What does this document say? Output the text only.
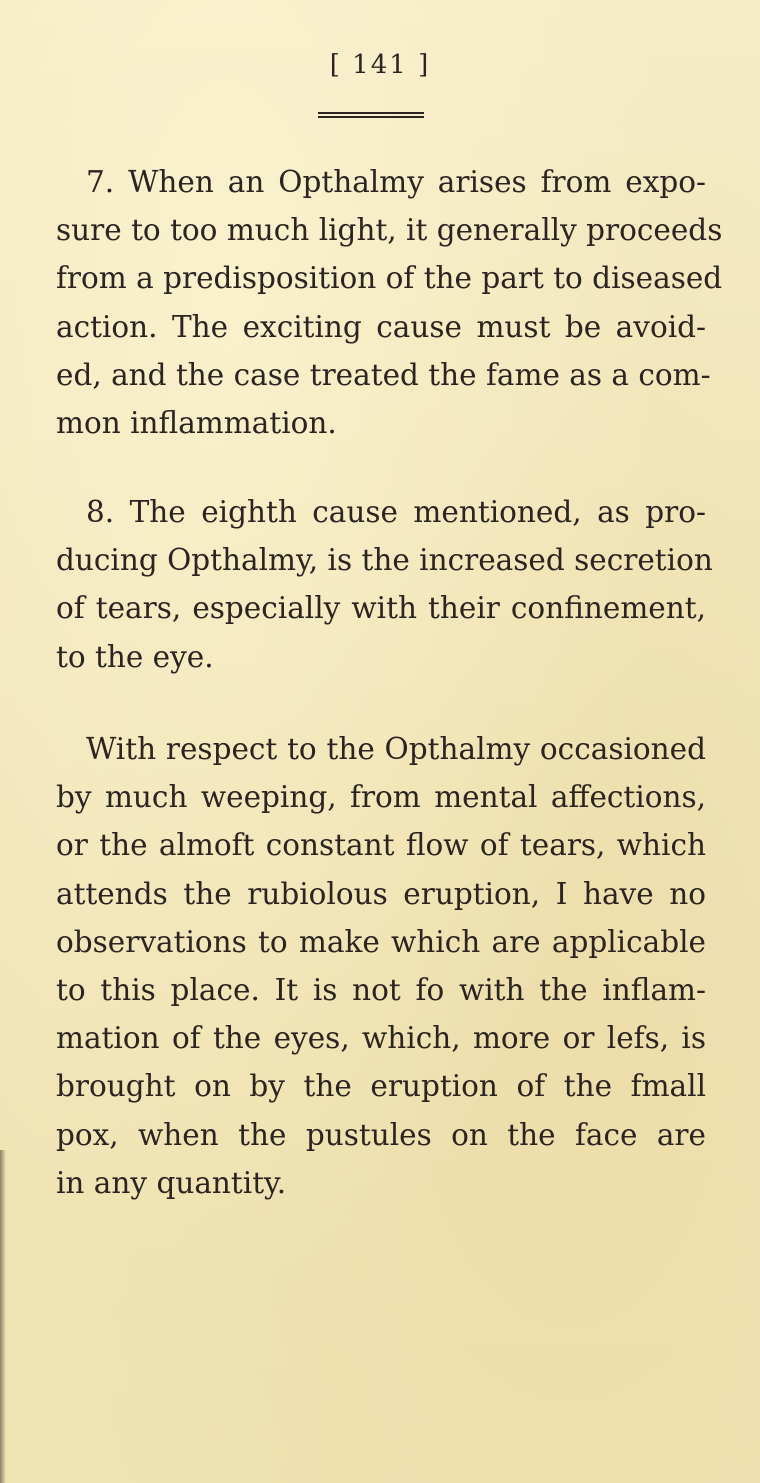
[ 141 ]
7. When an Opthalmy arises from expo-
sure to too much light, it generally proceeds
from a predisposition of the part to diseased
action. The exciting cause must be avoid-
ed, and the case treated the fame as a com-
mon inflammation.
8. The eighth cause mentioned, as pro-
ducing Opthalmy, is the increased secretion
of tears, especially with their confinement,
to the eye.
With respect to the Opthalmy occasioned
by much weeping, from mental affections,
or the almoft constant flow of tears, which
attends the rubiolous eruption, I have no
observations to make which are applicable
to this place. It is not fo with the inflam-
mation of the eyes, which, more or lefs, is
brought on by the eruption of the fmall
pox, when the pustules on the face are
in any quantity.
